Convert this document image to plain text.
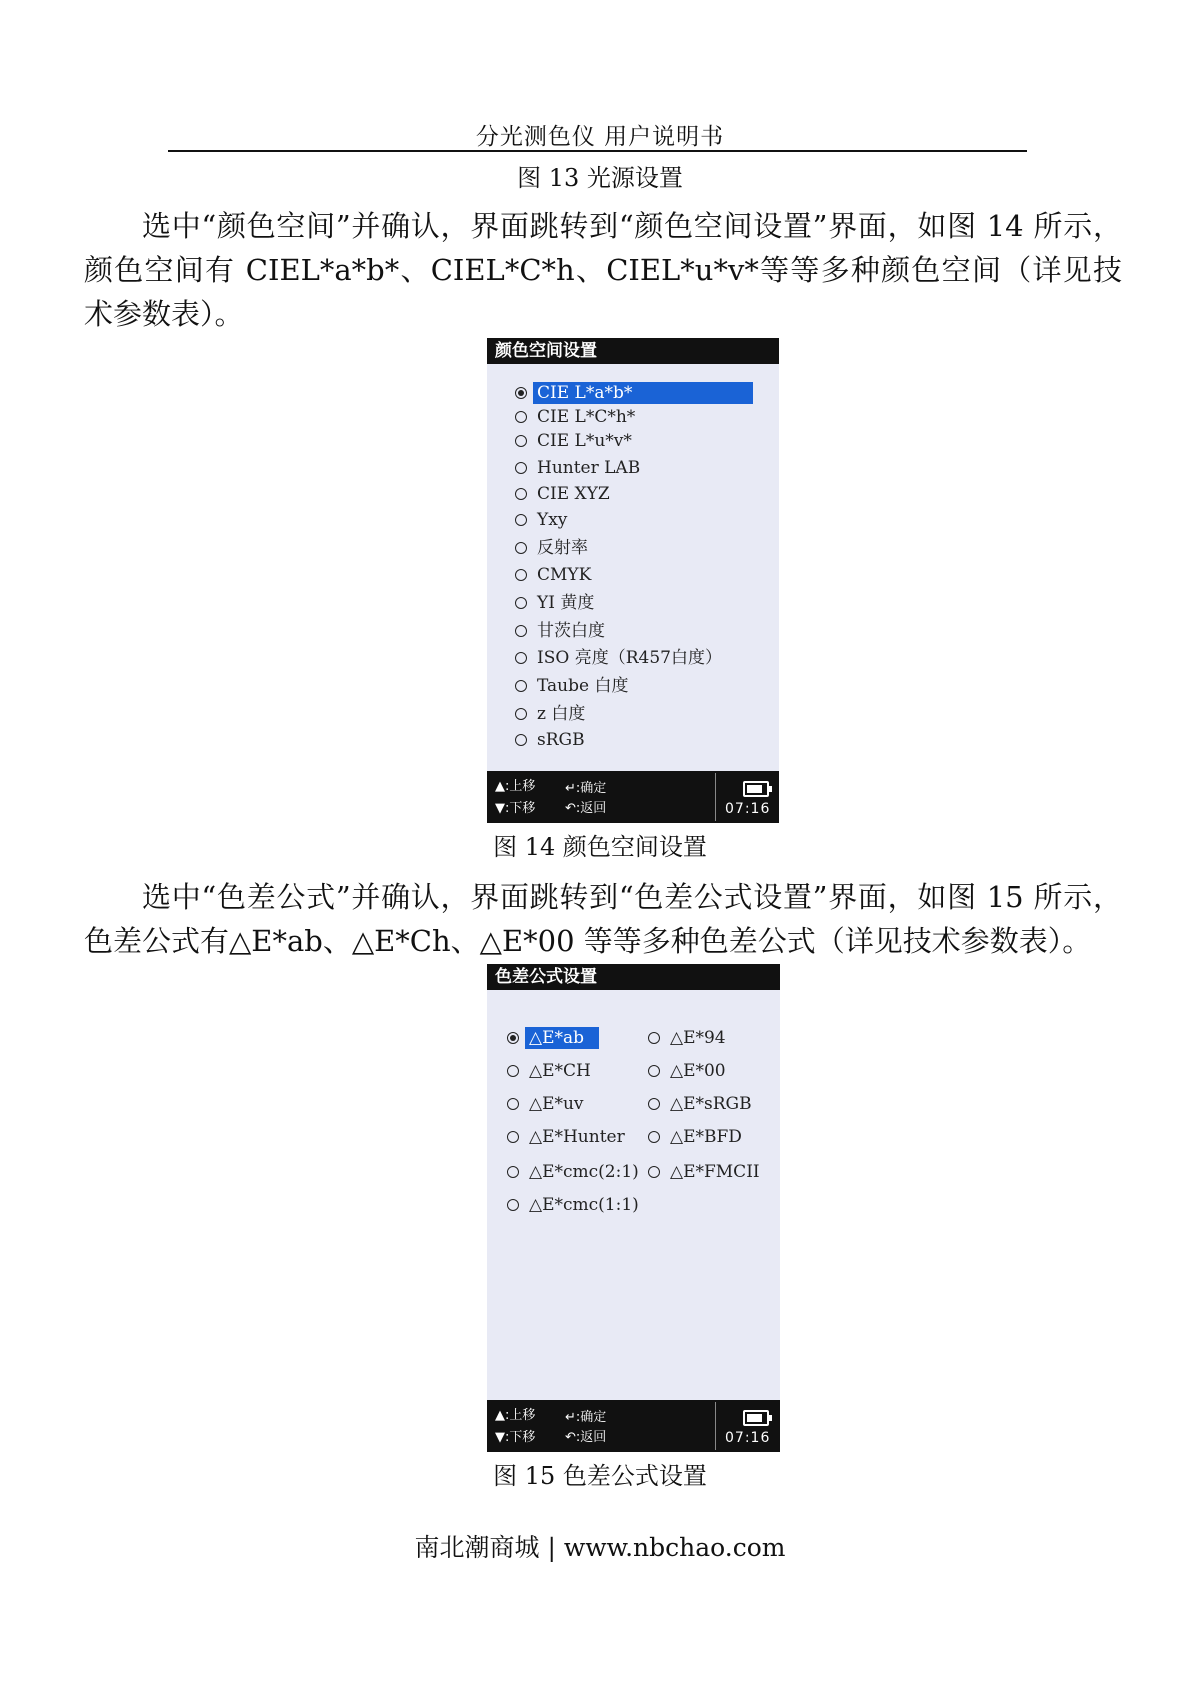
分光测色仪 用户说明书
图 13 光源设置
选中“颜色空间”并确认，界面跳转到“颜色空间设置”界面，如图 14 所示，颜色空间有 CIEL*a*b*、CIEL*C*h、CIEL*u*v*等等多种颜色空间（详见技术参数表）。
颜色空间设置
CIE L*a*b*
CIE L*C*h*
CIE L*u*v*
Hunter LAB
CIE XYZ
Yxy
反射率
CMYK
YI 黄度
甘茨白度
ISO 亮度（R457白度）
Taube 白度
z 白度
sRGB
▲:上移
▼:下移
↵:确定
↶:返回	07:16
图 14 颜色空间设置
选中“色差公式”并确认，界面跳转到“色差公式设置”界面，如图 15 所示，色差公式有△E*ab、△E*Ch、△E*00 等等多种色差公式（详见技术参数表）。
色差公式设置
△E*ab
△E*CH
△E*uv
△E*Hunter
△E*cmc(2:1)
△E*cmc(1:1)
△E*94
△E*00
△E*sRGB
△E*BFD
△E*FMCII
▲:上移
▼:下移
↵:确定
↶:返回	07:16
图 15 色差公式设置
南北潮商城 | www.nbchao.com
